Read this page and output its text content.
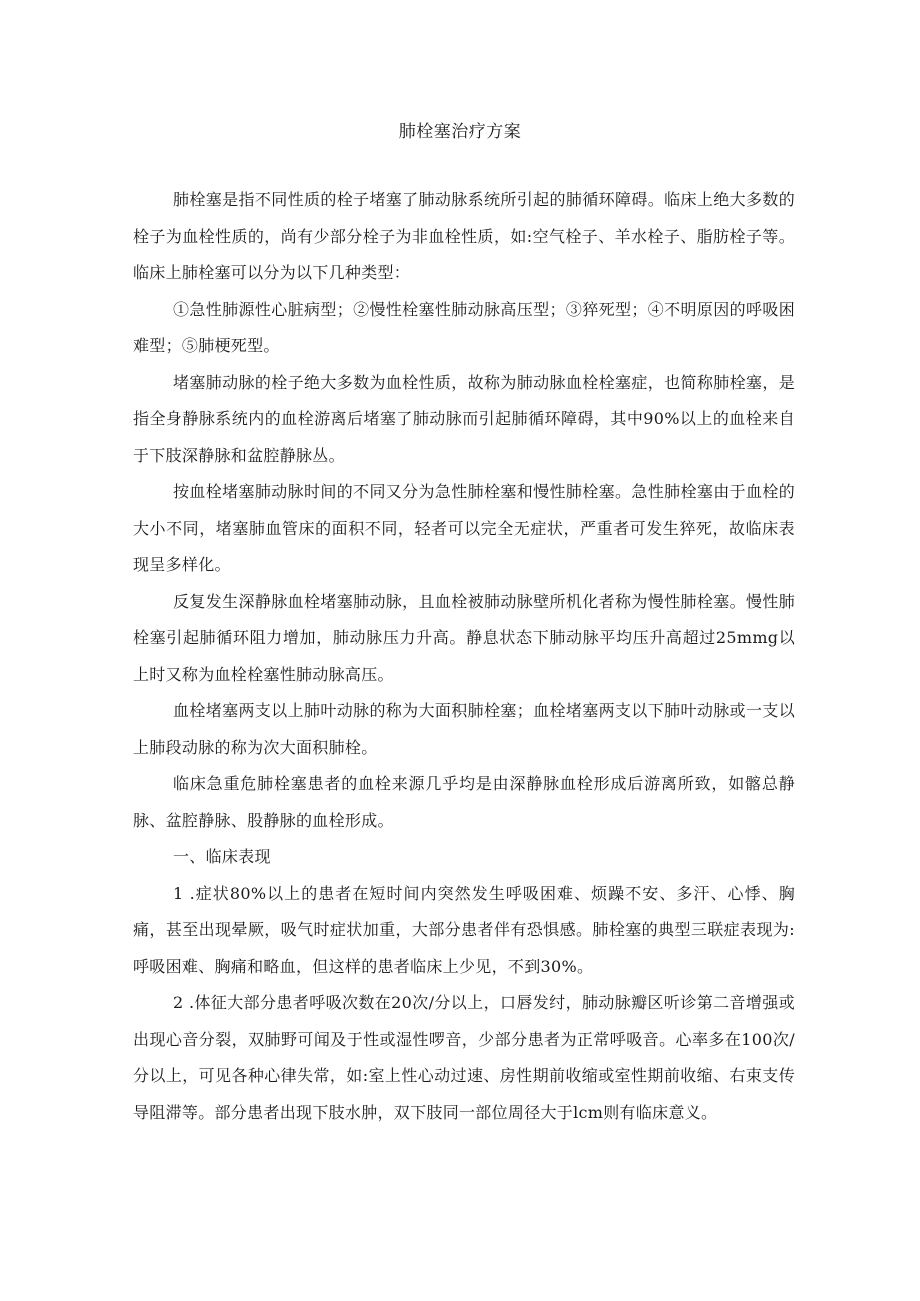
肺栓塞治疗方案

肺栓塞是指不同性质的栓子堵塞了肺动脉系统所引起的肺循环障碍。临床上绝大多数的栓子为血栓性质的，尚有少部分栓子为非血栓性质，如:空气栓子、羊水栓子、脂肪栓子等。临床上肺栓塞可以分为以下几种类型：

①急性肺源性心脏病型；②慢性栓塞性肺动脉高压型；③猝死型；④不明原因的呼吸困难型；⑤肺梗死型。

堵塞肺动脉的栓子绝大多数为血栓性质，故称为肺动脉血栓栓塞症，也简称肺栓塞，是指全身静脉系统内的血栓游离后堵塞了肺动脉而引起肺循环障碍，其中90%以上的血栓来自于下肢深静脉和盆腔静脉丛。

按血栓堵塞肺动脉时间的不同又分为急性肺栓塞和慢性肺栓塞。急性肺栓塞由于血栓的大小不同，堵塞肺血管床的面积不同，轻者可以完全无症状，严重者可发生猝死，故临床表现呈多样化。

反复发生深静脉血栓堵塞肺动脉，且血栓被肺动脉壁所机化者称为慢性肺栓塞。慢性肺栓塞引起肺循环阻力增加，肺动脉压力升高。静息状态下肺动脉平均压升高超过25mmg以上时又称为血栓栓塞性肺动脉高压。

血栓堵塞两支以上肺叶动脉的称为大面积肺栓塞；血栓堵塞两支以下肺叶动脉或一支以上肺段动脉的称为次大面积肺栓。

临床急重危肺栓塞患者的血栓来源几乎均是由深静脉血栓形成后游离所致，如髂总静脉、盆腔静脉、股静脉的血栓形成。

一、临床表现

1 .症状80%以上的患者在短时间内突然发生呼吸困难、烦躁不安、多汗、心悸、胸痛，甚至出现晕厥，吸气时症状加重，大部分患者伴有恐惧感。肺栓塞的典型三联症表现为:呼吸困难、胸痛和略血，但这样的患者临床上少见，不到30%。

2 .体征大部分患者呼吸次数在20次/分以上，口唇发纣，肺动脉瓣区听诊第二音增强或出现心音分裂，双肺野可闻及于性或湿性啰音，少部分患者为正常呼吸音。心率多在100次/分以上，可见各种心律失常，如:室上性心动过速、房性期前收缩或室性期前收缩、右束支传导阻滞等。部分患者出现下肢水肿，双下肢同一部位周径大于lcm则有临床意义。
